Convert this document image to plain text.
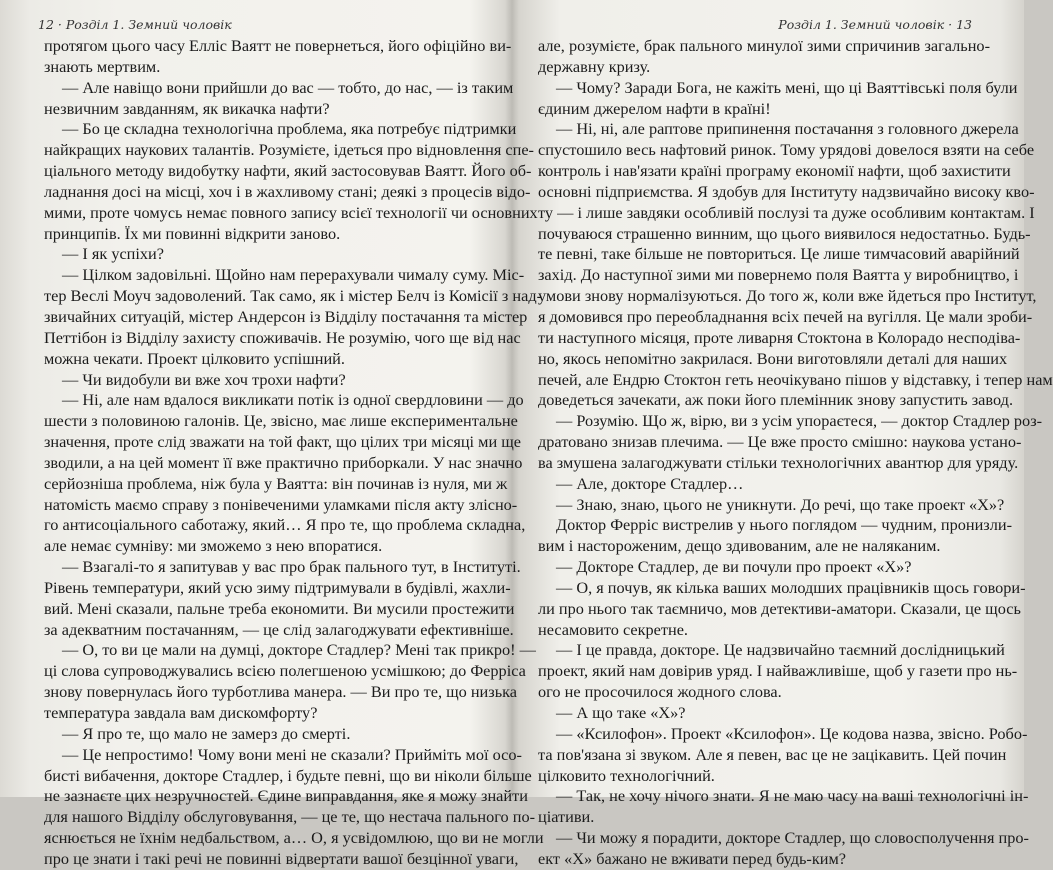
12 · Розділ 1. Земний чоловік
протягом цього часу Елліс Ваятт не повернеться, його офіційно ви-
знають мертвим.
— Але навіщо вони прийшли до вас — тобто, до нас, — із таким
незвичним завданням, як викачка нафти?
— Бо це складна технологічна проблема, яка потребує підтримки
найкращих наукових талантів. Розумієте, ідеться про відновлення спе-
ціального методу видобутку нафти, який застосовував Ваятт. Його об-
ладнання досі на місці, хоч і в жахливому стані; деякі з процесів відо-
мими, проте чомусь немає повного запису всієї технології чи основних
принципів. Їх ми повинні відкрити заново.
— І як успіхи?
— Цілком задовільні. Щойно нам перерахували чималу суму. Міс-
тер Веслі Моуч задоволений. Так само, як і містер Белч із Комісії з над-
звичайних ситуацій, містер Андерсон із Відділу постачання та містер
Петтібон із Відділу захисту споживачів. Не розумію, чого ще від нас
можна чекати. Проект цілковито успішний.
— Чи видобули ви вже хоч трохи нафти?
— Ні, але нам вдалося викликати потік із одної свердловини — до
шести з половиною галонів. Це, звісно, має лише експериментальне
значення, проте слід зважати на той факт, що цілих три місяці ми ще
зводили, а на цей момент її вже практично приборкали. У нас значно
серйозніша проблема, ніж була у Ваятта: він починав із нуля, ми ж
натомість маємо справу з понівеченими уламками після акту злісно-
го антисоціального саботажу, який… Я про те, що проблема складна,
але немає сумніву: ми зможемо з нею впоратися.
— Взагалі-то я запитував у вас про брак пального тут, в Інституті.
Рівень температури, який усю зиму підтримували в будівлі, жахли-
вий. Мені сказали, пальне треба економити. Ви мусили простежити
за адекватним постачанням, — це слід залагоджувати ефективніше.
— О, то ви це мали на думці, докторе Стадлер? Мені так прикро! —
ці слова супроводжувались всією полегшеною усмішкою; до Ферріса
знову повернулась його турботлива манера. — Ви про те, що низька
температура завдала вам дискомфорту?
— Я про те, що мало не замерз до смерті.
— Це непростимо! Чому вони мені не сказали? Прийміть мої осо-
бисті вибачення, докторе Стадлер, і будьте певні, що ви ніколи більше
не зазнаєте цих незручностей. Єдине виправдання, яке я можу знайти
для нашого Відділу обслуговування, — це те, що нестача пального по-
яснюється не їхнім недбальством, а… О, я усвідомлюю, що ви не могли
про це знати і такі речі не повинні відвертати вашої безцінної уваги,
Розділ 1. Земний чоловік · 13
але, розумієте, брак пального минулої зими спричинив загально-
державну кризу.
— Чому? Заради Бога, не кажіть мені, що ці Ваяттівські поля були
єдиним джерелом нафти в країні!
— Ні, ні, але раптове припинення постачання з головного джерела
спустошило весь нафтовий ринок. Тому урядові довелося взяти на себе
контроль і нав'язати країні програму економії нафти, щоб захистити
основні підприємства. Я здобув для Інституту надзвичайно високу кво-
ту — і лише завдяки особливій послузі та дуже особливим контактам. І
почуваюся страшенно винним, що цього виявилося недостатньо. Будь-
те певні, таке більше не повториться. Це лише тимчасовий аварійний
захід. До наступної зими ми повернемо поля Ваятта у виробництво, і
умови знову нормалізуються. До того ж, коли вже йдеться про Інститут,
я домовився про переобладнання всіх печей на вугілля. Це мали зроби-
ти наступного місяця, проте ливарня Стоктона в Колорадо несподіва-
но, якось непомітно закрилася. Вони виготовляли деталі для наших
печей, але Ендрю Стоктон геть неочікувано пішов у відставку, і тепер нам
доведеться зачекати, аж поки його племінник знову запустить завод.
— Розумію. Що ж, вірю, ви з усім упораєтеся, — доктор Стадлер роз-
дратовано знизав плечима. — Це вже просто смішно: наукова устано-
ва змушена залагоджувати стільки технологічних авантюр для уряду.
— Але, докторе Стадлер…
— Знаю, знаю, цього не уникнути. До речі, що таке проект «X»?
Доктор Ферріс вистрелив у нього поглядом — чудним, пронизли-
вим і настороженим, дещо здивованим, але не наляканим.
— Докторе Стадлер, де ви почули про проект «X»?
— О, я почув, як кілька ваших молодших працівників щось говори-
ли про нього так таємничо, мов детективи-аматори. Сказали, це щось
несамовито секретне.
— І це правда, докторе. Це надзвичайно таємний дослідницький
проект, який нам довірив уряд. І найважливіше, щоб у газети про нь-
ого не просочилося жодного слова.
— А що таке «X»?
— «Ксилофон». Проект «Ксилофон». Це кодова назва, звісно. Робо-
та пов'язана зі звуком. Але я певен, вас це не зацікавить. Цей почин
цілковито технологічний.
— Так, не хочу нічого знати. Я не маю часу на ваші технологічні ін-
ціативи.
— Чи можу я порадити, докторе Стадлер, що словосполучення про-
ект «X» бажано не вживати перед будь-ким?
